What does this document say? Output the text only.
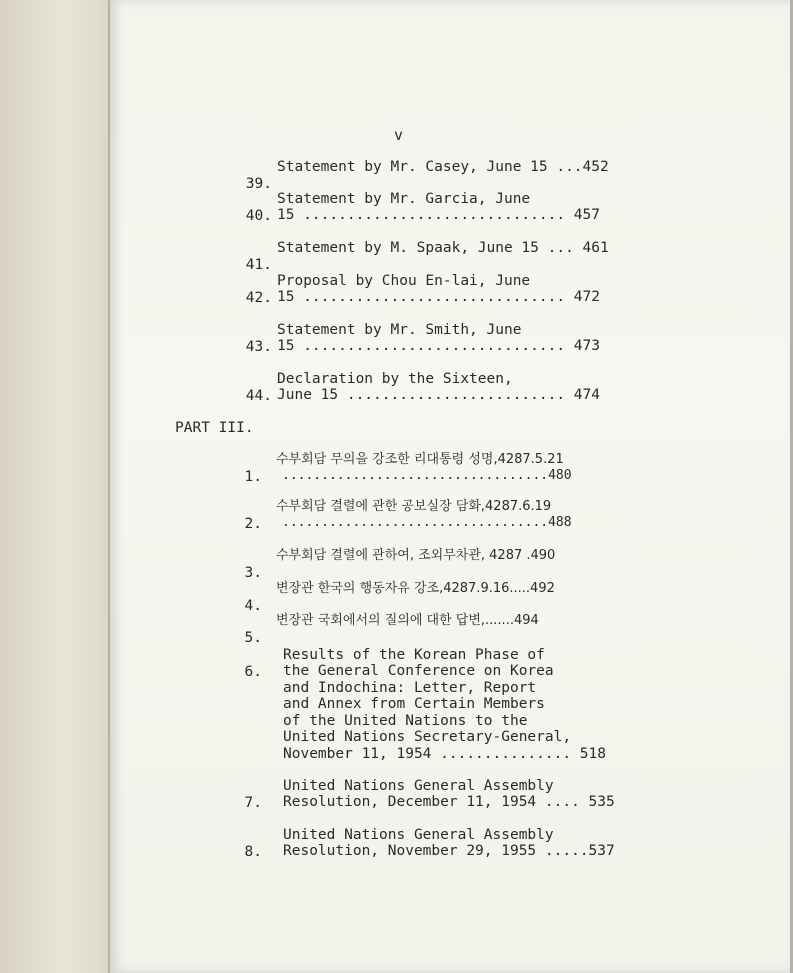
v

39.

Statement by Mr. Casey, June 15 ...452

40.

Statement by Mr. Garcia, June

15 .............................. 457

41.

Statement by M. Spaak, June 15 ... 461

42.

Proposal by Chou En-lai, June

15 .............................. 472

43.

Statement by Mr. Smith, June

15 .............................. 473

44.

Declaration by the Sixteen,

June 15 ......................... 474

PART III.

1.

수부회담 무의을 강조한 리대통령 성명,4287.5.21

..................................480

2.

수부회담 결렬에 관한 공보실장 담화,4287.6.19

..................................488

3.

수부회담 결렬에 관하여, 조외무차관, 4287 .490

4.

변장관 한국의 행동자유 강조,4287.9.16.....492

5.

변장관 국회에서의 질의에 대한 답변,.......494

6.

Results of the Korean Phase of

the General Conference on Korea

and Indochina: Letter, Report

and Annex from Certain Members

of the United Nations to the

United Nations Secretary-General,

November 11, 1954 ............... 518

7.

United Nations General Assembly

Resolution, December 11, 1954 .... 535

8.

United Nations General Assembly

Resolution, November 29, 1955 .....537
